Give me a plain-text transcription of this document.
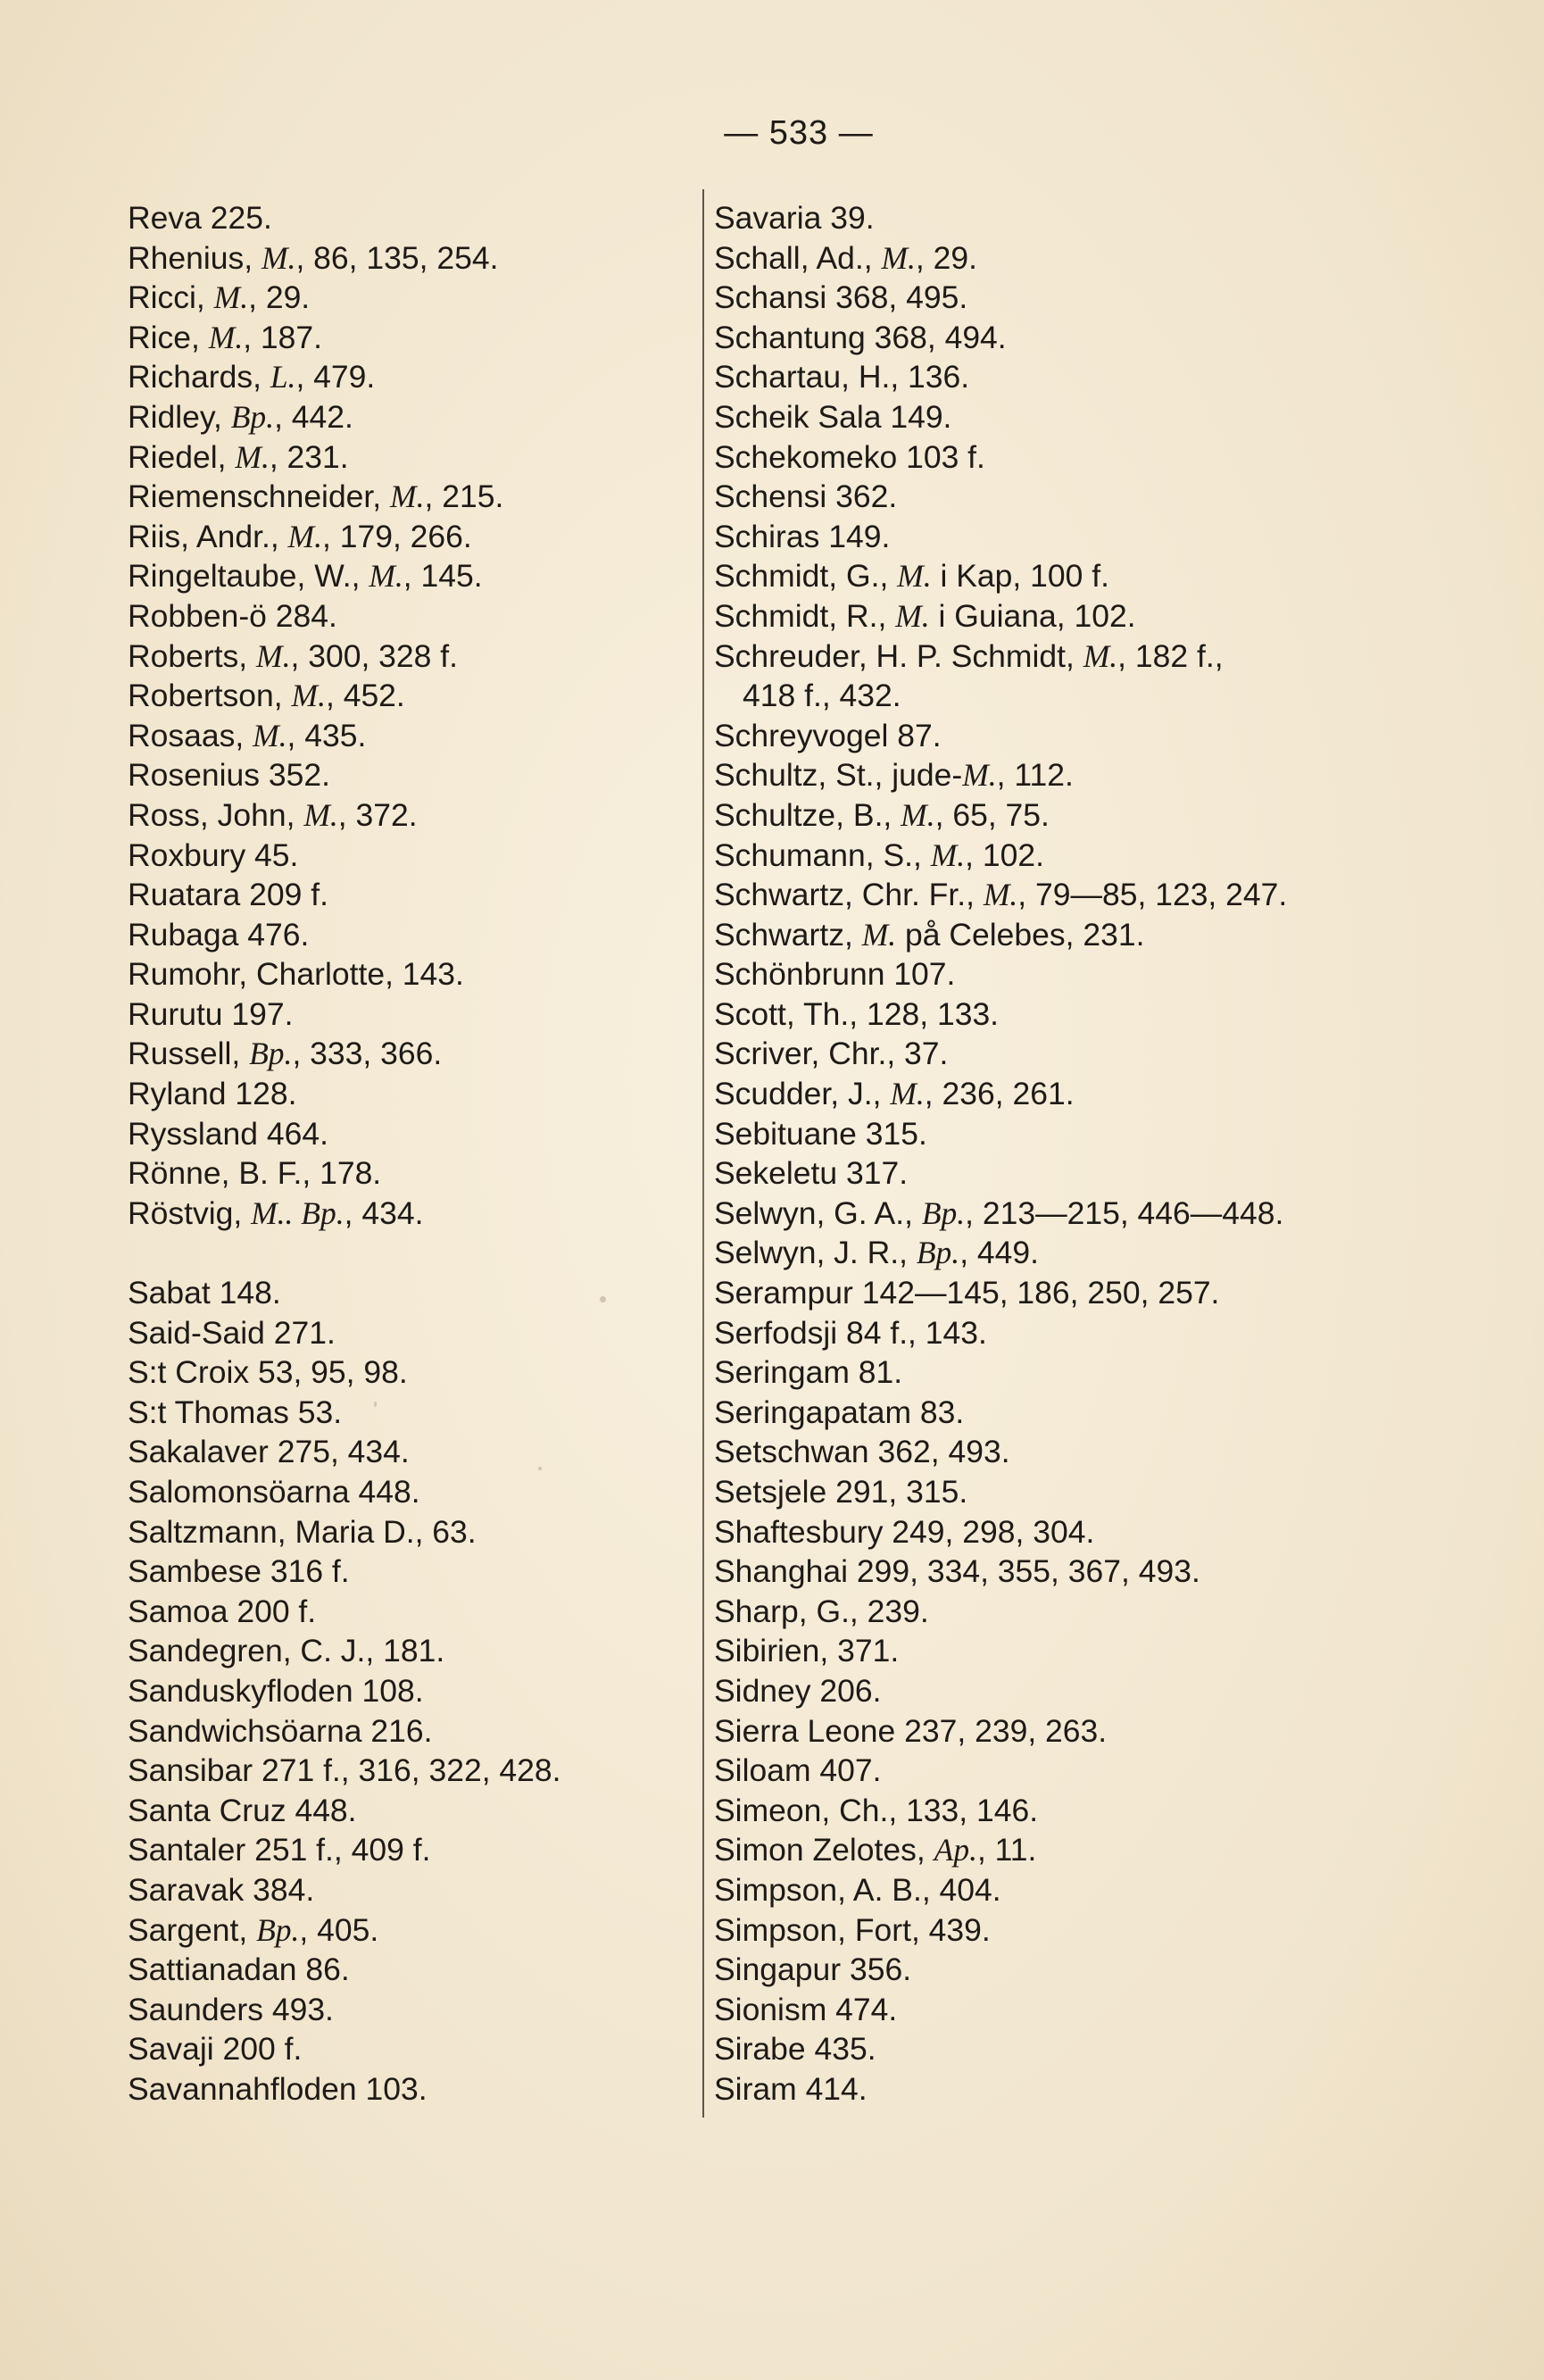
— 533 —
Reva 225.
Rhenius, M., 86, 135, 254.
Ricci, M., 29.
Rice, M., 187.
Richards, L., 479.
Ridley, Bp., 442.
Riedel, M., 231.
Riemenschneider, M., 215.
Riis, Andr., M., 179, 266.
Ringeltaube, W., M., 145.
Robben-ö 284.
Roberts, M., 300, 328 f.
Robertson, M., 452.
Rosaas, M., 435.
Rosenius 352.
Ross, John, M., 372.
Roxbury 45.
Ruatara 209 f.
Rubaga 476.
Rumohr, Charlotte, 143.
Rurutu 197.
Russell, Bp., 333, 366.
Ryland 128.
Ryssland 464.
Rönne, B. F., 178.
Röstvig, M.. Bp., 434.
Sabat 148.
Said-Said 271.
S:t Croix 53, 95, 98.
S:t Thomas 53.
Sakalaver 275, 434.
Salomonsöarna 448.
Saltzmann, Maria D., 63.
Sambese 316 f.
Samoa 200 f.
Sandegren, C. J., 181.
Sanduskyfloden 108.
Sandwichsöarna 216.
Sansibar 271 f., 316, 322, 428.
Santa Cruz 448.
Santaler 251 f., 409 f.
Saravak 384.
Sargent, Bp., 405.
Sattianadan 86.
Saunders 493.
Savaji 200 f.
Savannahfloden 103.
Savaria 39.
Schall, Ad., M., 29.
Schansi 368, 495.
Schantung 368, 494.
Schartau, H., 136.
Scheik Sala 149.
Schekomeko 103 f.
Schensi 362.
Schiras 149.
Schmidt, G., M. i Kap, 100 f.
Schmidt, R., M. i Guiana, 102.
Schreuder, H. P. Schmidt, M., 182 f.,
418 f., 432.
Schreyvogel 87.
Schultz, St., jude-M., 112.
Schultze, B., M., 65, 75.
Schumann, S., M., 102.
Schwartz, Chr. Fr., M., 79—85, 123, 247.
Schwartz, M. på Celebes, 231.
Schönbrunn 107.
Scott, Th., 128, 133.
Scriver, Chr., 37.
Scudder, J., M., 236, 261.
Sebituane 315.
Sekeletu 317.
Selwyn, G. A., Bp., 213—215, 446—448.
Selwyn, J. R., Bp., 449.
Serampur 142—145, 186, 250, 257.
Serfodsji 84 f., 143.
Seringam 81.
Seringapatam 83.
Setschwan 362, 493.
Setsjele 291, 315.
Shaftesbury 249, 298, 304.
Shanghai 299, 334, 355, 367, 493.
Sharp, G., 239.
Sibirien, 371.
Sidney 206.
Sierra Leone 237, 239, 263.
Siloam 407.
Simeon, Ch., 133, 146.
Simon Zelotes, Ap., 11.
Simpson, A. B., 404.
Simpson, Fort, 439.
Singapur 356.
Sionism 474.
Sirabe 435.
Siram 414.
